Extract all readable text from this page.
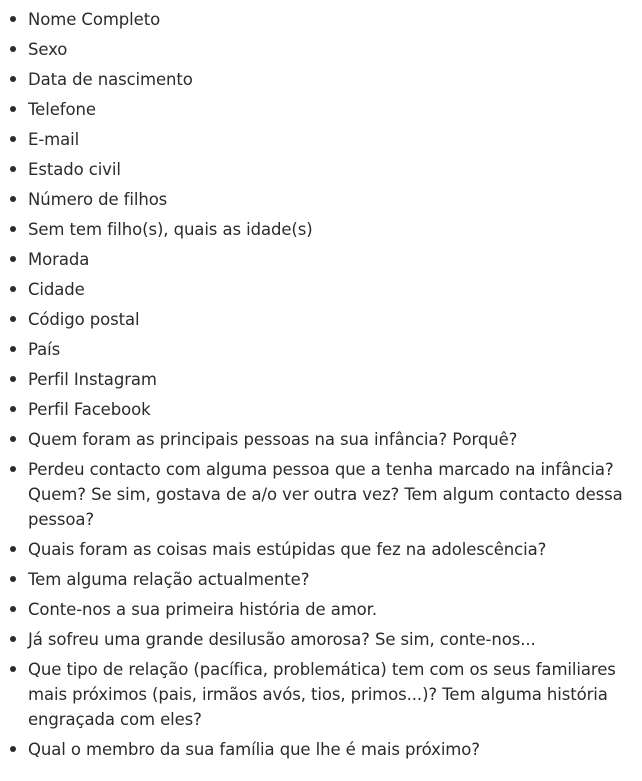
Nome Completo
Sexo
Data de nascimento
Telefone
E-mail
Estado civil
Número de filhos
Sem tem filho(s), quais as idade(s)
Morada
Cidade
Código postal
País
Perfil Instagram
Perfil Facebook
Quem foram as principais pessoas na sua infância? Porquê?
Perdeu contacto com alguma pessoa que a tenha marcado na infância? Quem? Se sim, gostava de a/o ver outra vez? Tem algum contacto dessa pessoa?
Quais foram as coisas mais estúpidas que fez na adolescência?
Tem alguma relação actualmente?
Conte-nos a sua primeira história de amor.
Já sofreu uma grande desilusão amorosa? Se sim, conte-nos...
Que tipo de relação (pacífica, problemática) tem com os seus familiares mais próximos (pais, irmãos avós, tios, primos...)? Tem alguma história engraçada com eles?
Qual o membro da sua família que lhe é mais próximo?
